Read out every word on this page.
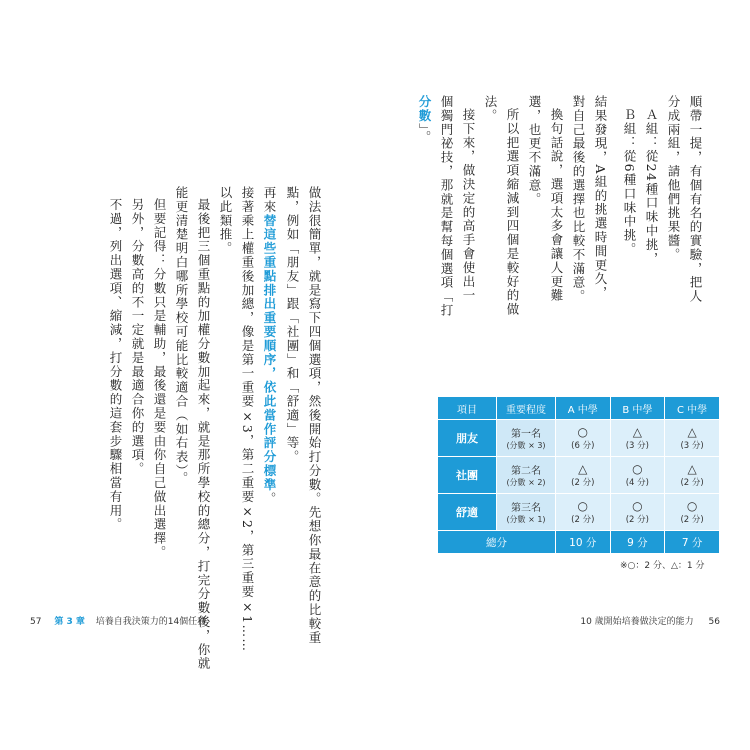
順帶一提，有個有名的實驗，把人
分成兩組，請他們挑果醬。
Ａ組：從24種口味中挑，
Ｂ組：從6種口味中挑。
結果發現，A組的挑選時間更久，
對自己最後的選擇也比較不滿意。
換句話說，選項太多會讓人更難
選，也更不滿意。
所以把選項縮減到四個是較好的做
法。
接下來，做決定的高手會使出一
個獨門祕技，那就是幫每個選項「打
分數」。
做法很簡單，就是寫下四個選項，然後開始打分數。先想你最在意的比較重
點，例如「朋友」跟「社團」和「舒適」等。
再來替這些重點排出重要順序，依此當作評分標準。
接著乘上權重後加總，像是第一重要×3，第二重要×2，第三重要×1……
以此類推。
最後把三個重點的加權分數加起來，就是那所學校的總分，打完分數後，你就
能更清楚明白哪所學校可能比較適合（如右表）。
但要記得：分數只是輔助，最後還是要由你自己做出選擇。
另外，分數高的不一定就是最適合你的選項。
不過，列出選項、縮減，打分數的這套步驟相當有用。	項目	重要程度	A 中學	B 中學	C 中學
朋友	第一名
(分數 × 3)	○
(6 分)	△
(3 分)	△
(3 分)

社團	第二名
(分數 × 2)	△
(2 分)	○
(4 分)	△
(2 分)

舒適	第三名
(分數 × 1)	○
(2 分)	○
(2 分)	○
(2 分)

總分		10 分	9 分	7 分
※○：2 分、△：1 分
57 第 3 章 培養自我決策力的14個任務	10 歲開始培養做決定的能力 56
